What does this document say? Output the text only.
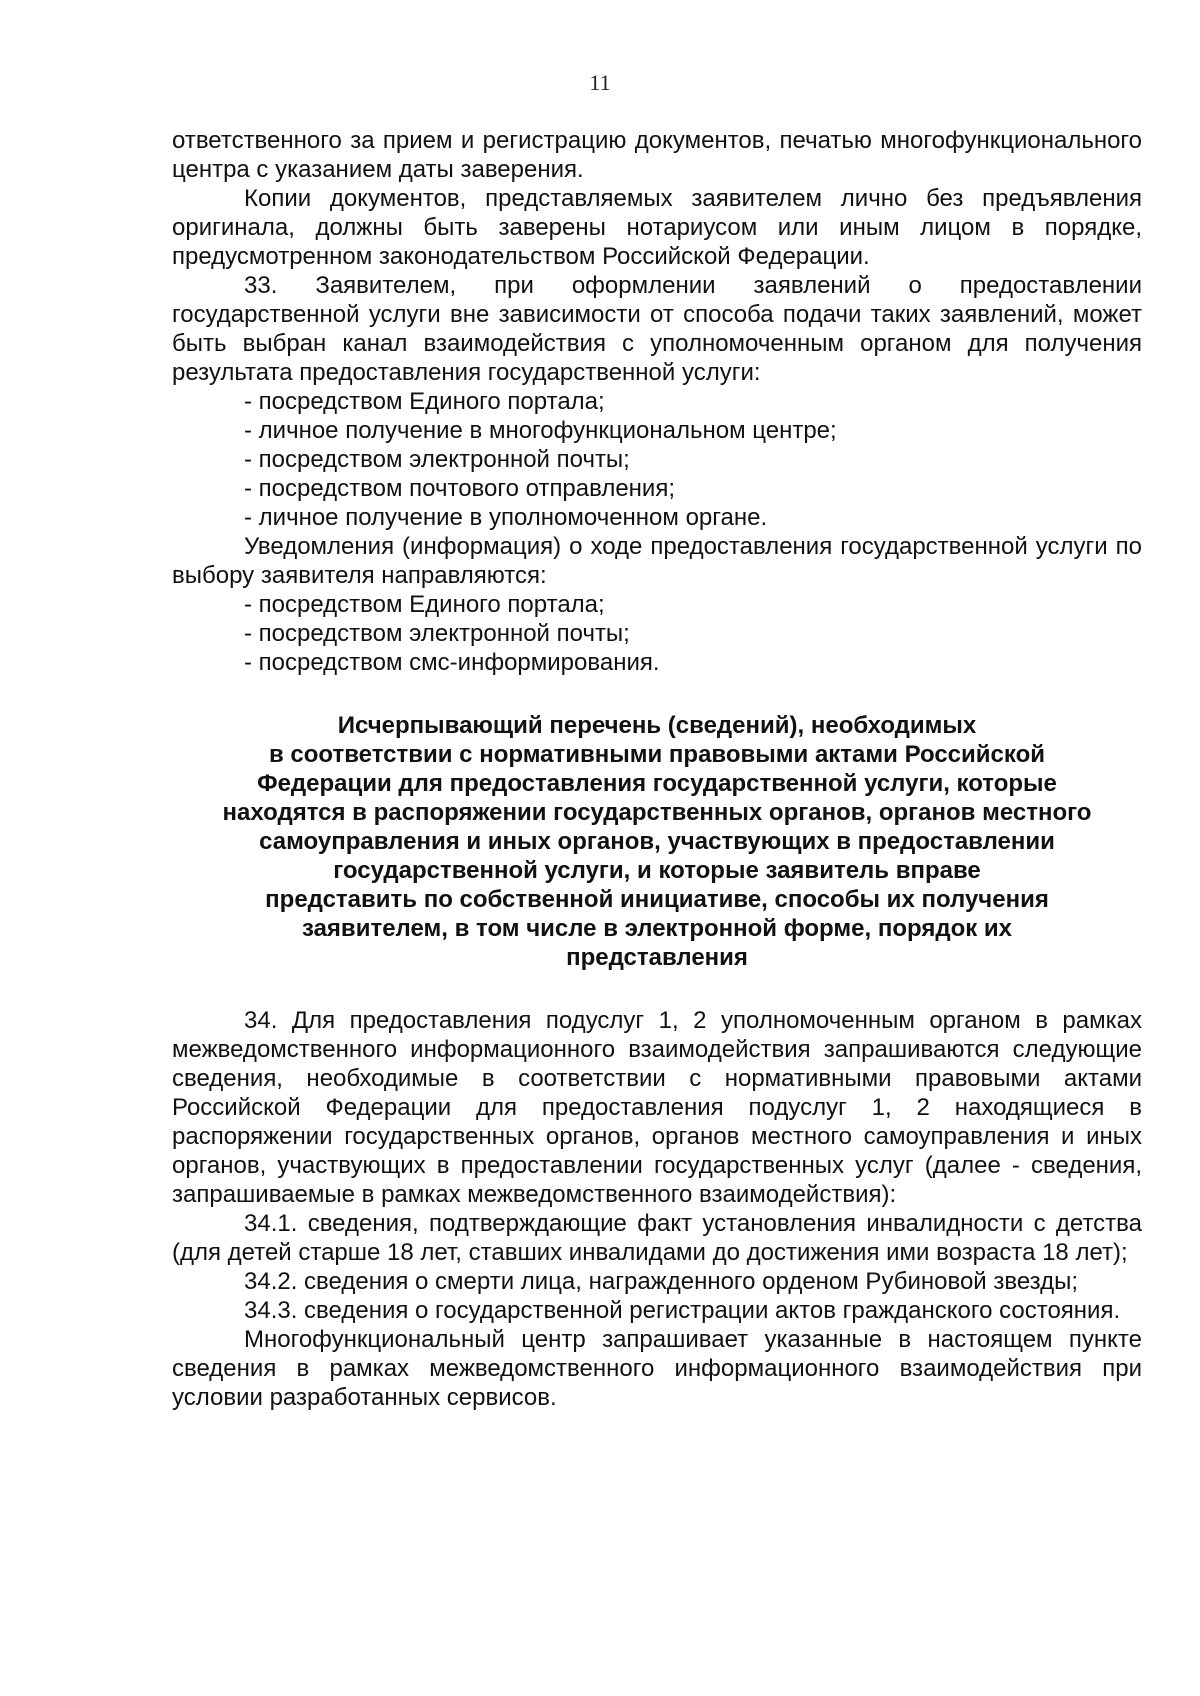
11

ответственного за прием и регистрацию документов, печатью многофункционального центра с указанием даты заверения.

Копии документов, представляемых заявителем лично без предъявления оригинала, должны быть заверены нотариусом или иным лицом в порядке, предусмотренном законодательством Российской Федерации.

33. Заявителем, при оформлении заявлений о предоставлении государственной услуги вне зависимости от способа подачи таких заявлений, может быть выбран канал взаимодействия с уполномоченным органом для получения результата предоставления государственной услуги:

- посредством Единого портала;

- личное получение в многофункциональном центре;

- посредством электронной почты;

- посредством почтового отправления;

- личное получение в уполномоченном органе.

Уведомления (информация) о ходе предоставления государственной услуги по выбору заявителя направляются:

- посредством Единого портала;

- посредством электронной почты;

- посредством смс-информирования.

Исчерпывающий перечень (сведений), необходимых
в соответствии с нормативными правовыми актами Российской
Федерации для предоставления государственной услуги, которые
находятся в распоряжении государственных органов, органов местного
самоуправления и иных органов, участвующих в предоставлении
государственной услуги, и которые заявитель вправе
представить по собственной инициативе, способы их получения
заявителем, в том числе в электронной форме, порядок их
представления

34. Для предоставления подуслуг 1, 2 уполномоченным органом в рамках межведомственного информационного взаимодействия запрашиваются следующие сведения, необходимые в соответствии с нормативными правовыми актами Российской Федерации для предоставления подуслуг 1, 2 находящиеся в распоряжении государственных органов, органов местного самоуправления и иных органов, участвующих в предоставлении государственных услуг (далее - сведения, запрашиваемые в рамках межведомственного взаимодействия):

34.1. сведения, подтверждающие факт установления инвалидности с детства (для детей старше 18 лет, ставших инвалидами до достижения ими возраста 18 лет);

34.2. сведения о смерти лица, награжденного орденом Рубиновой звезды;

34.3. сведения о государственной регистрации актов гражданского состояния.

Многофункциональный центр запрашивает указанные в настоящем пункте сведения в рамках межведомственного информационного взаимодействия при условии разработанных сервисов.
